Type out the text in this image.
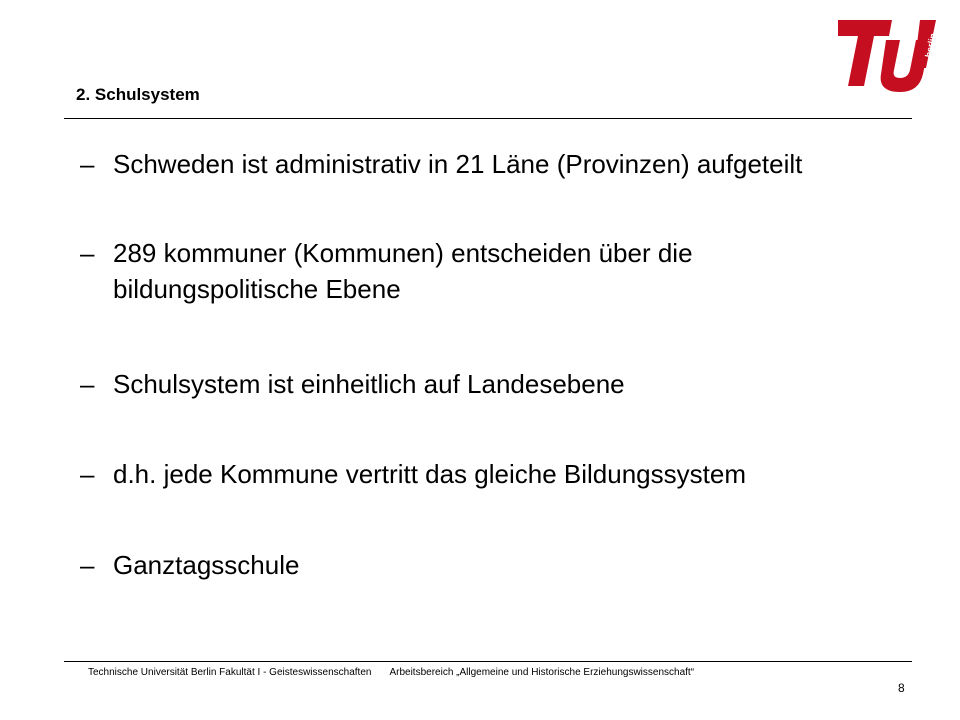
2. Schulsystem
berlin
– Schweden ist administrativ in 21 Läne (Provinzen) aufgeteilt
– 289 kommuner (Kommunen) entscheiden über die
bildungspolitische Ebene
– Schulsystem ist einheitlich auf Landesebene
– d.h. jede Kommune vertritt das gleiche Bildungssystem
– Ganztagsschule
Technische Universität Berlin Fakultät I - Geisteswissenschaften Arbeitsbereich „Allgemeine und Historische Erziehungswissenschaft“
8
